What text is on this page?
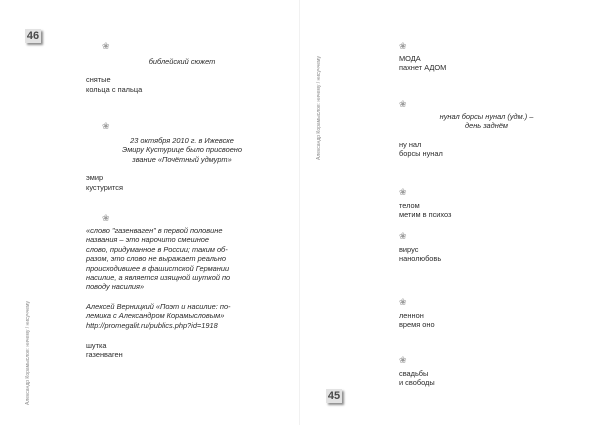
46
Александр Корамыслов: ничему / нисуччему
❀

библейский сюжет

снятые

кольца с пальца

❀

23 октября 2010 г. в Ижевске

Эмиру Кустурице было присвоено

звание «Почётный удмурт»

эмир

кустурится

❀

«слово "газенваген" в первой половине

названия – это нарочито смешное

слово, придуманное в России; таким об-

разом, это слово не выражает реально

происходившее в фашистской Германии

насилие, а является изящной шуткой по

поводу насилия»

Алексей Верницкий «Поэт и насилие: по-

лемика с Александром Корамысловым»

http://promegalit.ru/publics.php?id=1918

шутка

газенваген

Александр Корамыслов: ничему / нисуччему
45
❀

МОДА

пахнет АДОМ

❀

нунал борсы нунал (удм.) –

день заднём

ну нал

борсы нунал

❀

телом

метим в психоз

❀

вирус

нанолюбовь

❀

леннон

время оно

❀

свадьбы

и свободы
